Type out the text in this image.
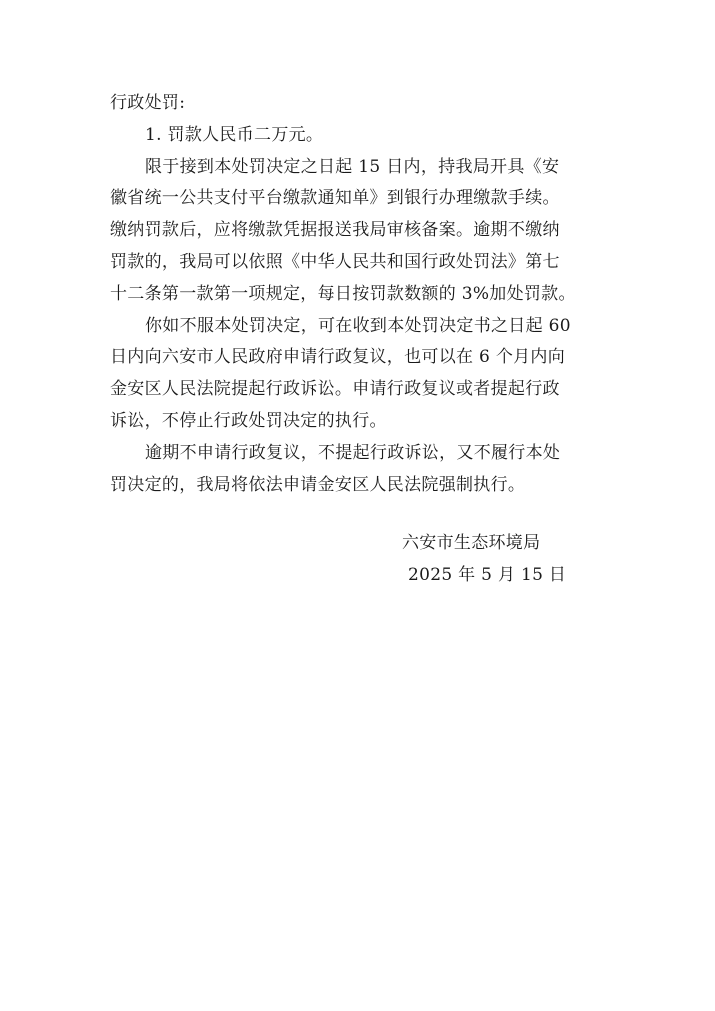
行政处罚:
1. 罚款人民币二万元。
限于接到本处罚决定之日起 15 日内，持我局开具《安
徽省统一公共支付平台缴款通知单》到银行办理缴款手续。
缴纳罚款后，应将缴款凭据报送我局审核备案。逾期不缴纳
罚款的，我局可以依照《中华人民共和国行政处罚法》第七
十二条第一款第一项规定，每日按罚款数额的 3%加处罚款。
你如不服本处罚决定，可在收到本处罚决定书之日起 60
日内向六安市人民政府申请行政复议，也可以在 6 个月内向
金安区人民法院提起行政诉讼。申请行政复议或者提起行政
诉讼，不停止行政处罚决定的执行。
逾期不申请行政复议，不提起行政诉讼，又不履行本处
罚决定的，我局将依法申请金安区人民法院强制执行。
六安市生态环境局
2025 年 5 月 15 日
